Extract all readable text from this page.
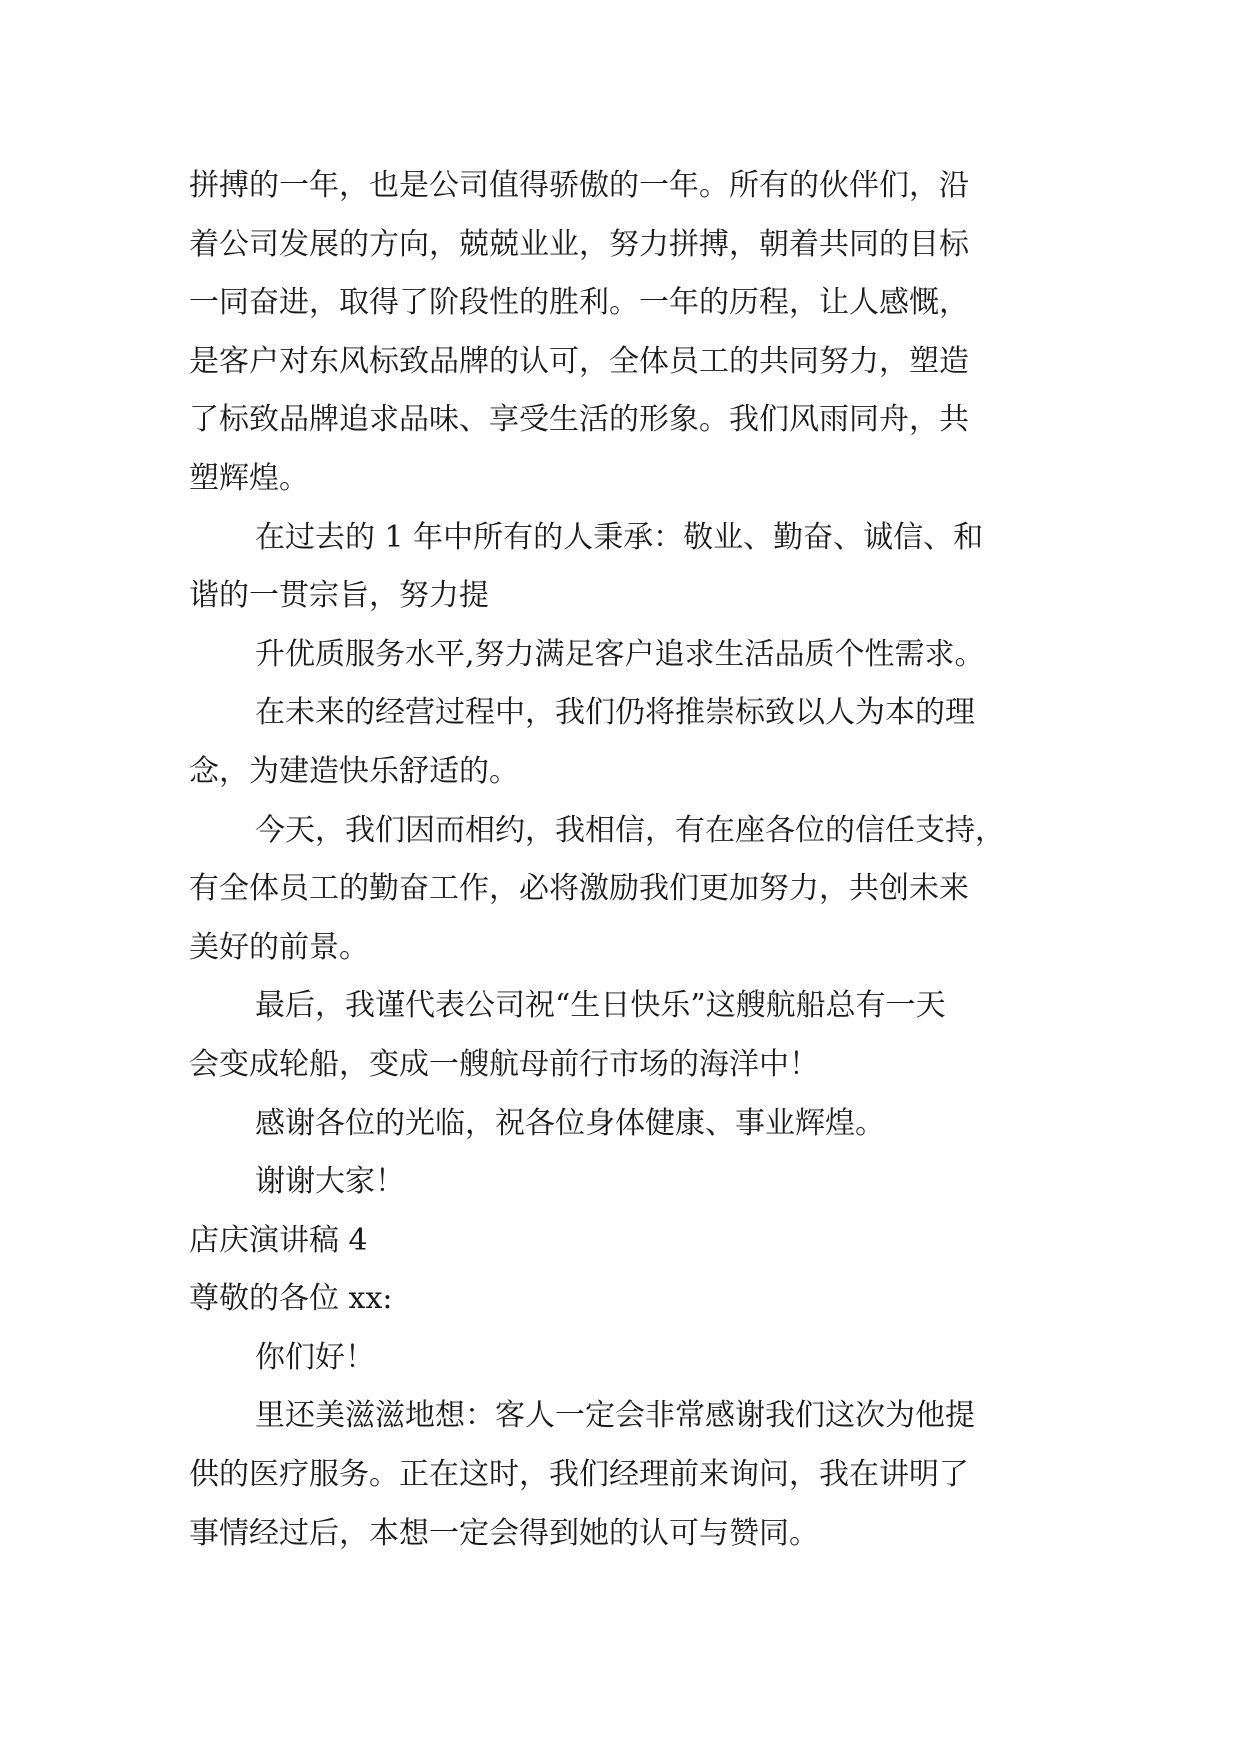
拼搏的一年，也是公司值得骄傲的一年。所有的伙伴们，沿

着公司发展的方向，兢兢业业，努力拼搏，朝着共同的目标

一同奋进，取得了阶段性的胜利。一年的历程，让人感慨，

是客户对东风标致品牌的认可，全体员工的共同努力，塑造

了标致品牌追求品味、享受生活的形象。我们风雨同舟，共

塑辉煌。

在过去的 1 年中所有的人秉承：敬业、勤奋、诚信、和

谐的一贯宗旨，努力提

升优质服务水平,努力满足客户追求生活品质个性需求。

在未来的经营过程中，我们仍将推崇标致以人为本的理

念，为建造快乐舒适的。

今天，我们因而相约，我相信，有在座各位的信任支持，

有全体员工的勤奋工作，必将激励我们更加努力，共创未来

美好的前景。

最后，我谨代表公司祝“生日快乐”这艘航船总有一天

会变成轮船，变成一艘航母前行市场的海洋中！

感谢各位的光临，祝各位身体健康、事业辉煌。

谢谢大家！

店庆演讲稿 4

尊敬的各位 xx:

你们好！

里还美滋滋地想：客人一定会非常感谢我们这次为他提

供的医疗服务。正在这时，我们经理前来询问，我在讲明了

事情经过后，本想一定会得到她的认可与赞同。
